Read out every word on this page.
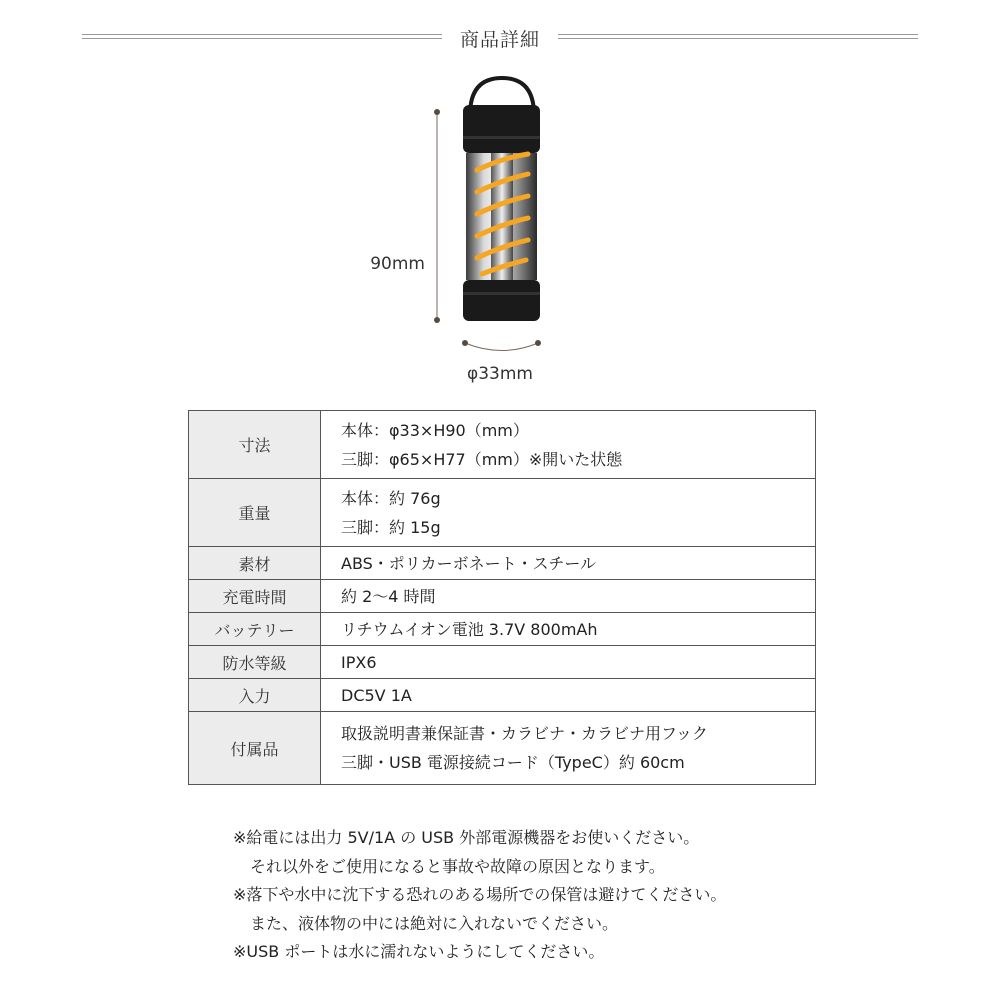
商品詳細
90mm
φ33mm
寸法	本体：φ33×H90（mm）
三脚：φ65×H77（mm）※開いた状態

重量	本体：約 76g
三脚：約 15g

素材	ABS・ポリカーボネート・スチール

充電時間	約 2〜4 時間

バッテリー	リチウムイオン電池 3.7V 800mAh

防水等級	IPX6

入力	DC5V 1A

付属品	取扱説明書兼保証書・カラビナ・カラビナ用フック
三脚・USB 電源接続コード（TypeC）約 60cm
※給電には出力 5V/1A の USB 外部電源機器をお使いください。
それ以外をご使用になると事故や故障の原因となります。
※落下や水中に沈下する恐れのある場所での保管は避けてください。
また、液体物の中には絶対に入れないでください。
※USB ポートは水に濡れないようにしてください。
